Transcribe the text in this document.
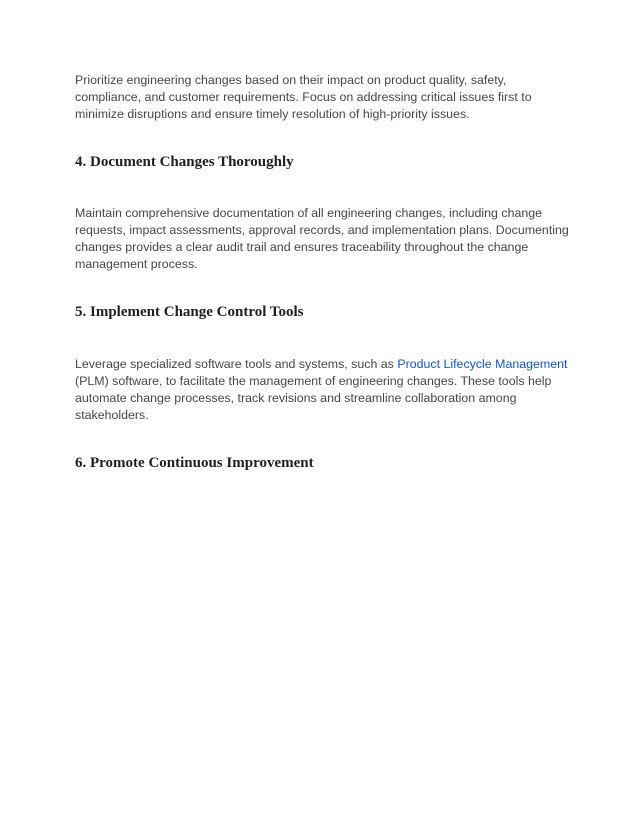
Prioritize engineering changes based on their impact on product quality, safety, compliance, and customer requirements. Focus on addressing critical issues first to minimize disruptions and ensure timely resolution of high-priority issues.

4. Document Changes Thoroughly

Maintain comprehensive documentation of all engineering changes, including change requests, impact assessments, approval records, and implementation plans. Documenting changes provides a clear audit trail and ensures traceability throughout the change management process.

5. Implement Change Control Tools

Leverage specialized software tools and systems, such as Product Lifecycle Management (PLM) software, to facilitate the management of engineering changes. These tools help automate change processes, track revisions and streamline collaboration among stakeholders.

6. Promote Continuous Improvement
